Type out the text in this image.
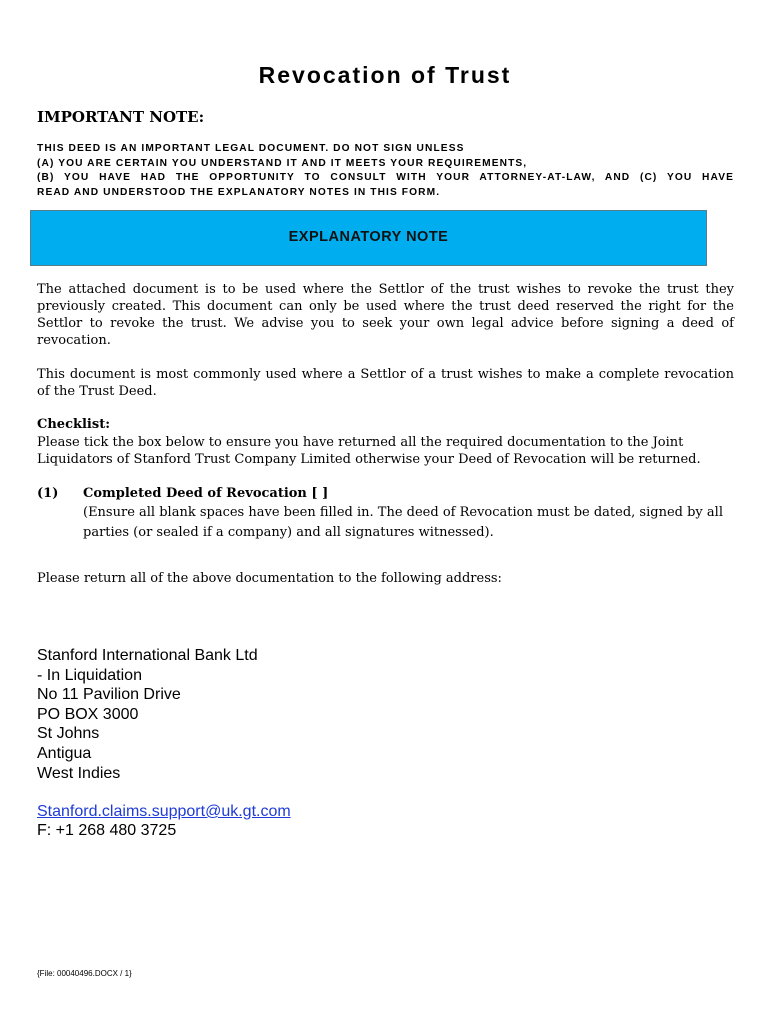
Revocation of Trust
IMPORTANT NOTE:
THIS DEED IS AN IMPORTANT LEGAL DOCUMENT. DO NOT SIGN UNLESS
(A) YOU ARE CERTAIN YOU UNDERSTAND IT AND IT MEETS YOUR REQUIREMENTS,
(B) YOU HAVE HAD THE OPPORTUNITY TO CONSULT WITH YOUR ATTORNEY-AT-LAW, AND (C) YOU HAVE
READ AND UNDERSTOOD THE EXPLANATORY NOTES IN THIS FORM.
EXPLANATORY NOTE
The attached document is to be used where the Settlor of the trust wishes to revoke the trust they previously created. This document can only be used where the trust deed reserved the right for the Settlor to revoke the trust. We advise you to seek your own legal advice before signing a deed of revocation.
This document is most commonly used where a Settlor of a trust wishes to make a complete revocation of the Trust Deed.
Checklist:
Please tick the box below to ensure you have returned all the required documentation to the Joint Liquidators of Stanford Trust Company Limited otherwise your Deed of Revocation will be returned.
(1) Completed Deed of Revocation [ ]
(Ensure all blank spaces have been filled in. The deed of Revocation must be dated, signed by all parties (or sealed if a company) and all signatures witnessed).
Please return all of the above documentation to the following address:
Stanford International Bank Ltd
- In Liquidation
No 11 Pavilion Drive
PO BOX 3000
St Johns
Antigua
West Indies
Stanford.claims.support@uk.gt.com
F: +1 268 480 3725
{File: 00040496.DOCX / 1}
